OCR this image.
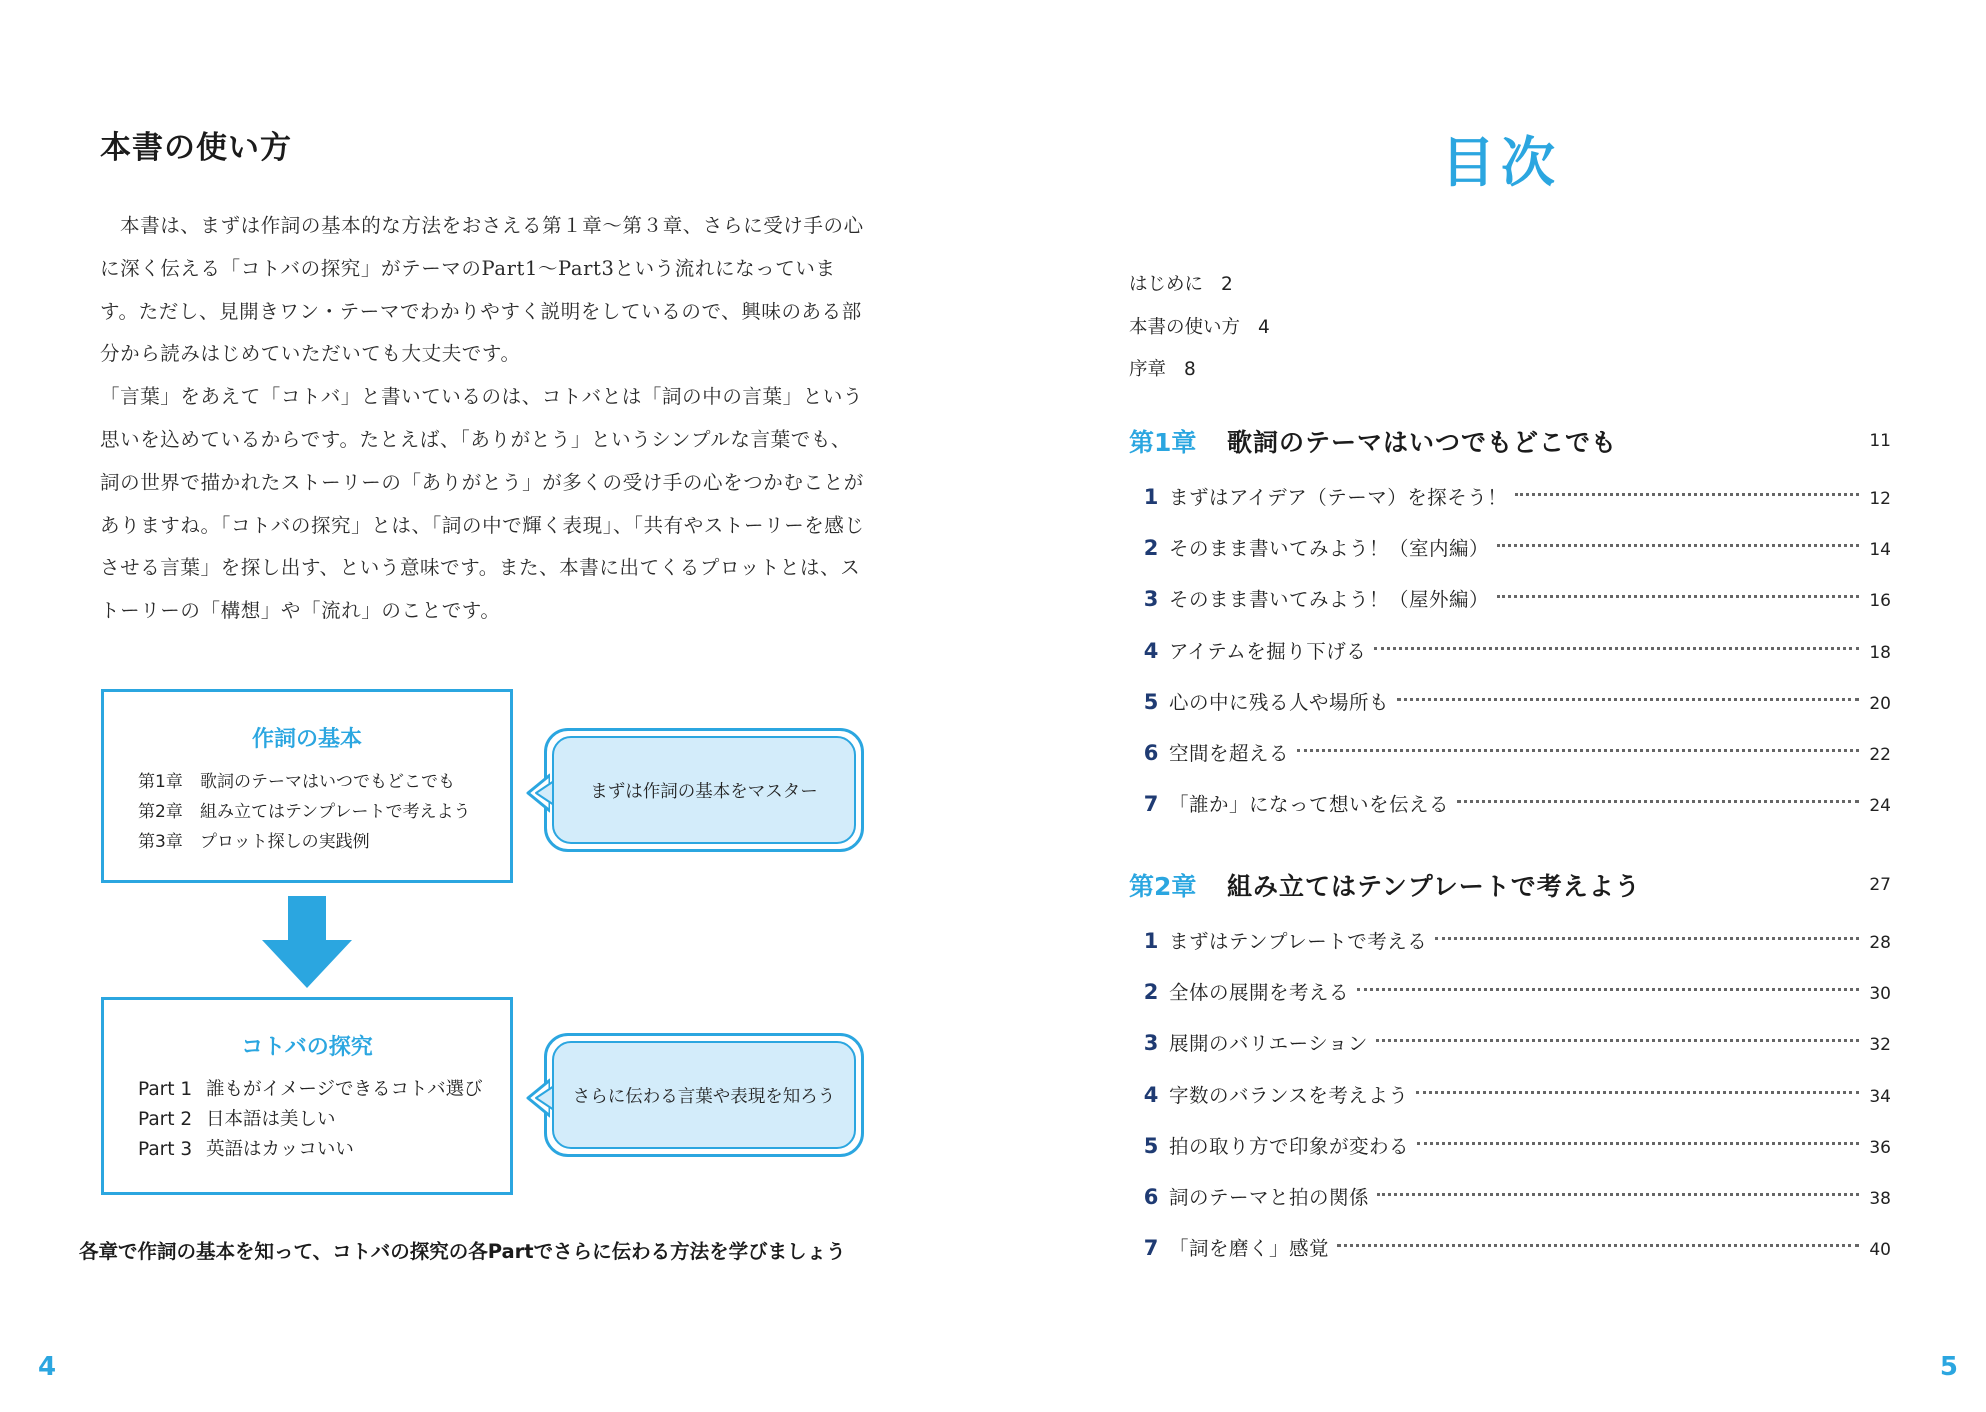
本書の使い方

本書は、まずは作詞の基本的な方法をおさえる第１章～第３章、さらに受け手の心に深く伝える「コトバの探究」がテーマのPart1～Part3という流れになっています。ただし、見開きワン・テーマでわかりやすく説明をしているので、興味のある部分から読みはじめていただいても大丈夫です。

「言葉」をあえて「コトバ」と書いているのは、コトバとは「詞の中の言葉」という思いを込めているからです。たとえば、「ありがとう」というシンプルな言葉でも、詞の世界で描かれたストーリーの「ありがとう」が多くの受け手の心をつかむことがありますね。「コトバの探究」とは、「詞の中で輝く表現」、「共有やストーリーを感じさせる言葉」を探し出す、という意味です。また、本書に出てくるプロットとは、ストーリーの「構想」や「流れ」のことです。

作詞の基本
第1章 歌詞のテーマはいつでもどこでも
第2章 組み立てはテンプレートで考えよう
第3章 プロット探しの実践例
まずは作詞の基本をマスター
コトバの探究
Part 1 誰もがイメージできるコトバ選び
Part 2 日本語は美しい
Part 3 英語はカッコいい
さらに伝わる言葉や表現を知ろう
各章で作詞の基本を知って、コトバの探究の各Partでさらに伝わる方法を学びましょう
4
目次
はじめに 2
本書の使い方 4
序章 8
第1章	歌詞のテーマはいつでもどこでも	11
1 まずはアイデア（テーマ）を探そう！	12
2 そのまま書いてみよう！（室内編）	14
3 そのまま書いてみよう！（屋外編）	16
4 アイテムを掘り下げる	18
5 心の中に残る人や場所も	20
6 空間を超える	22
7 「誰か」になって想いを伝える	24
第2章	組み立てはテンプレートで考えよう	27
1 まずはテンプレートで考える	28
2 全体の展開を考える	30
3 展開のバリエーション	32
4 字数のバランスを考えよう	34
5 拍の取り方で印象が変わる	36
6 詞のテーマと拍の関係	38
7 「詞を磨く」感覚	40
5
